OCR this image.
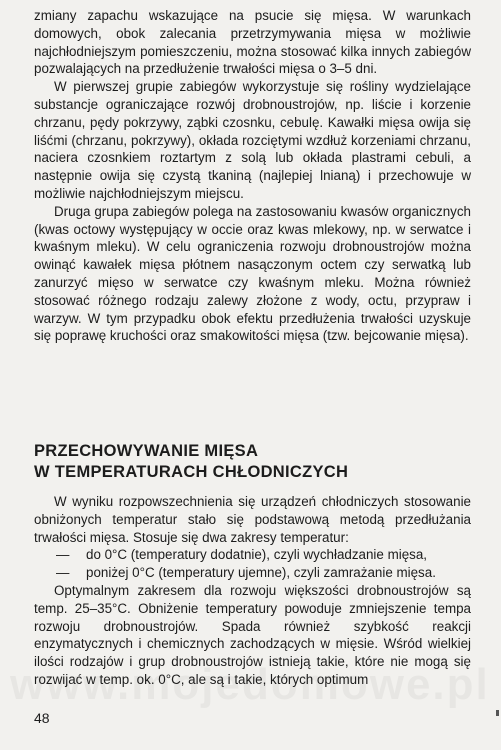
zmiany zapachu wskazujące na psucie się mięsa. W warunkach domowych, obok zalecania przetrzymywania mięsa w możliwie najchłodniejszym pomieszczeniu, można stosować kilka innych zabiegów pozwalających na przedłużenie trwałości mięsa o 3–5 dni.

W pierwszej grupie zabiegów wykorzystuje się rośliny wydzielające substancje ograniczające rozwój drobnoustrojów, np. liście i korzenie chrzanu, pędy pokrzywy, ząbki czosnku, cebulę. Kawałki mięsa owija się liśćmi (chrzanu, pokrzywy), okłada rozciętymi wzdłuż korzeniami chrzanu, naciera czosnkiem roztartym z solą lub okłada plastrami cebuli, a następnie owija się czystą tkaniną (najlepiej lnianą) i przechowuje w możliwie najchłodniejszym miejscu.

Druga grupa zabiegów polega na zastosowaniu kwasów organicznych (kwas octowy występujący w occie oraz kwas mlekowy, np. w serwatce i kwaśnym mleku). W celu ograniczenia rozwoju drobnoustrojów można owinąć kawałek mięsa płótnem nasączonym octem czy serwatką lub zanurzyć mięso w serwatce czy kwaśnym mleku. Można również stosować różnego rodzaju zalewy złożone z wody, octu, przypraw i warzyw. W tym przypadku obok efektu przedłużenia trwałości uzyskuje się poprawę kruchości oraz smakowitości mięsa (tzw. bejcowanie mięsa).

PRZECHOWYWANIE MIĘSA
W TEMPERATURACH CHŁODNICZYCH

W wyniku rozpowszechnienia się urządzeń chłodniczych stosowanie obniżonych temperatur stało się podstawową metodą przedłużania trwałości mięsa. Stosuje się dwa zakresy temperatur:

— do 0°C (temperatury dodatnie), czyli wychładzanie mięsa,

— poniżej 0°C (temperatury ujemne), czyli zamrażanie mięsa.

Optymalnym zakresem dla rozwoju większości drobnoustrojów są temp. 25–35°C. Obniżenie temperatury powoduje zmniejszenie tempa rozwoju drobnoustrojów. Spada również szybkość reakcji enzymatycznych i chemicznych zachodzących w mięsie. Wśród wielkiej ilości rodzajów i grup drobnoustrojów istnieją takie, które nie mogą się rozwijać w temp. ok. 0°C, ale są i takie, których optimum

48
